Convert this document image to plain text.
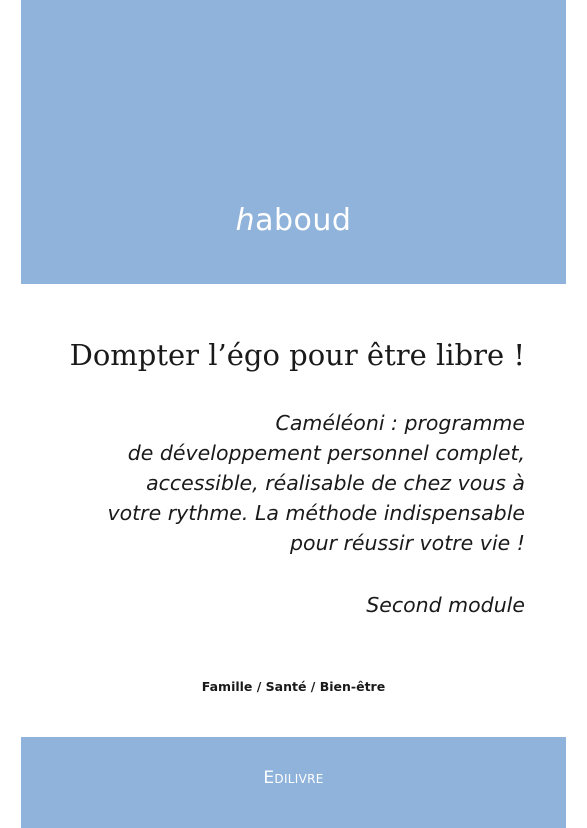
haboud
Dompter l’égo pour être libre !
Caméléoni : programme
de développement personnel complet,
accessible, réalisable de chez vous à
votre rythme. La méthode indispensable
pour réussir votre vie !
Second module
Famille / Santé / Bien-être
Edilivre
